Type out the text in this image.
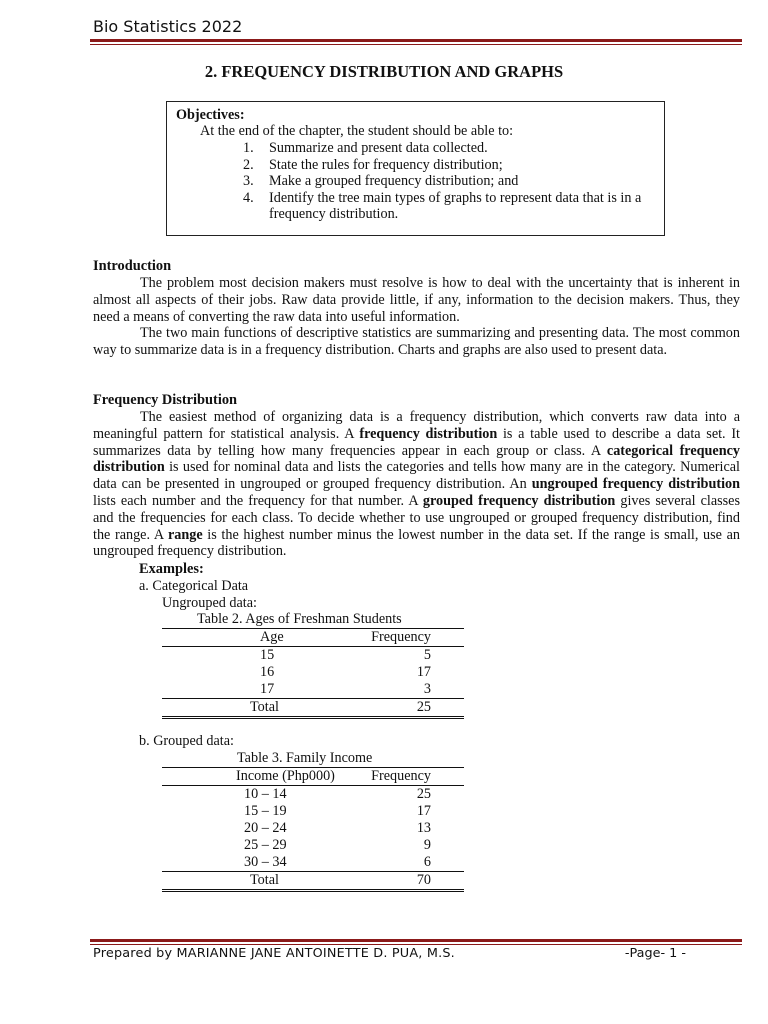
Bio Statistics 2022
2. FREQUENCY DISTRIBUTION AND GRAPHS
Objectives:
At the end of the chapter, the student should be able to:
1. Summarize and present data collected.
2. State the rules for frequency distribution;
3. Make a grouped frequency distribution; and
4. Identify the tree main types of graphs to represent data that is in a frequency distribution.
Introduction
The problem most decision makers must resolve is how to deal with the uncertainty that is inherent in almost all aspects of their jobs. Raw data provide little, if any, information to the decision makers. Thus, they need a means of converting the raw data into useful information.
The two main functions of descriptive statistics are summarizing and presenting data. The most common way to summarize data is in a frequency distribution. Charts and graphs are also used to present data.
Frequency Distribution
The easiest method of organizing data is a frequency distribution, which converts raw data into a meaningful pattern for statistical analysis. A frequency distribution is a table used to describe a data set. It summarizes data by telling how many frequencies appear in each group or class. A categorical frequency distribution is used for nominal data and lists the categories and tells how many are in the category. Numerical data can be presented in ungrouped or grouped frequency distribution. An ungrouped frequency distribution lists each number and the frequency for that number. A grouped frequency distribution gives several classes and the frequencies for each class. To decide whether to use ungrouped or grouped frequency distribution, find the range. A range is the highest number minus the lowest number in the data set. If the range is small, use an ungrouped frequency distribution.
Examples:
a. Categorical Data
Ungrouped data:
Table 2. Ages of Freshman Students
Age	Frequency
15	5
16	17
17	3
Total	25
b. Grouped data:
Table 3. Family Income
Income (Php000)	Frequency
10 – 14	25
15 – 19	17
20 – 24	13
25 – 29	9
30 – 34	6
Total	70
Prepared by MARIANNE JANE ANTOINETTE D. PUA, M.S.	-Page- 1 -
